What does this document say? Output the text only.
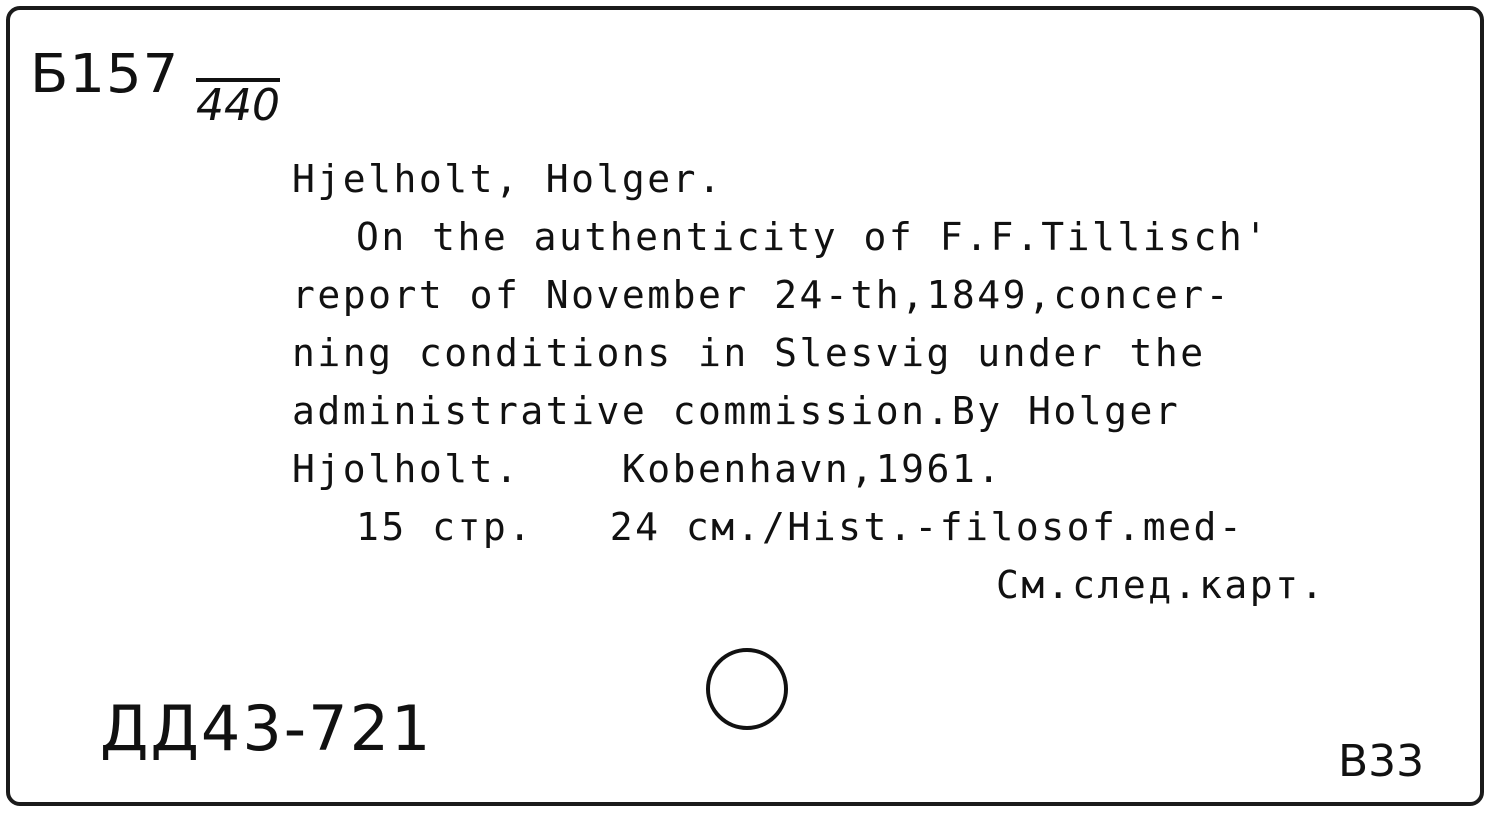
Б157
440
Hjelholt, Holger.
On the authenticity of F.F.Tillisch'
report of November 24-th,1849,concer-
ning conditions in Slesvig under the
administrative commission.By Holger
Hjolholt.    Kobenhavn,1961.
15 стр.   24 см./Hist.-filosof.med-
См.след.карт.
ДД43-721	В33
